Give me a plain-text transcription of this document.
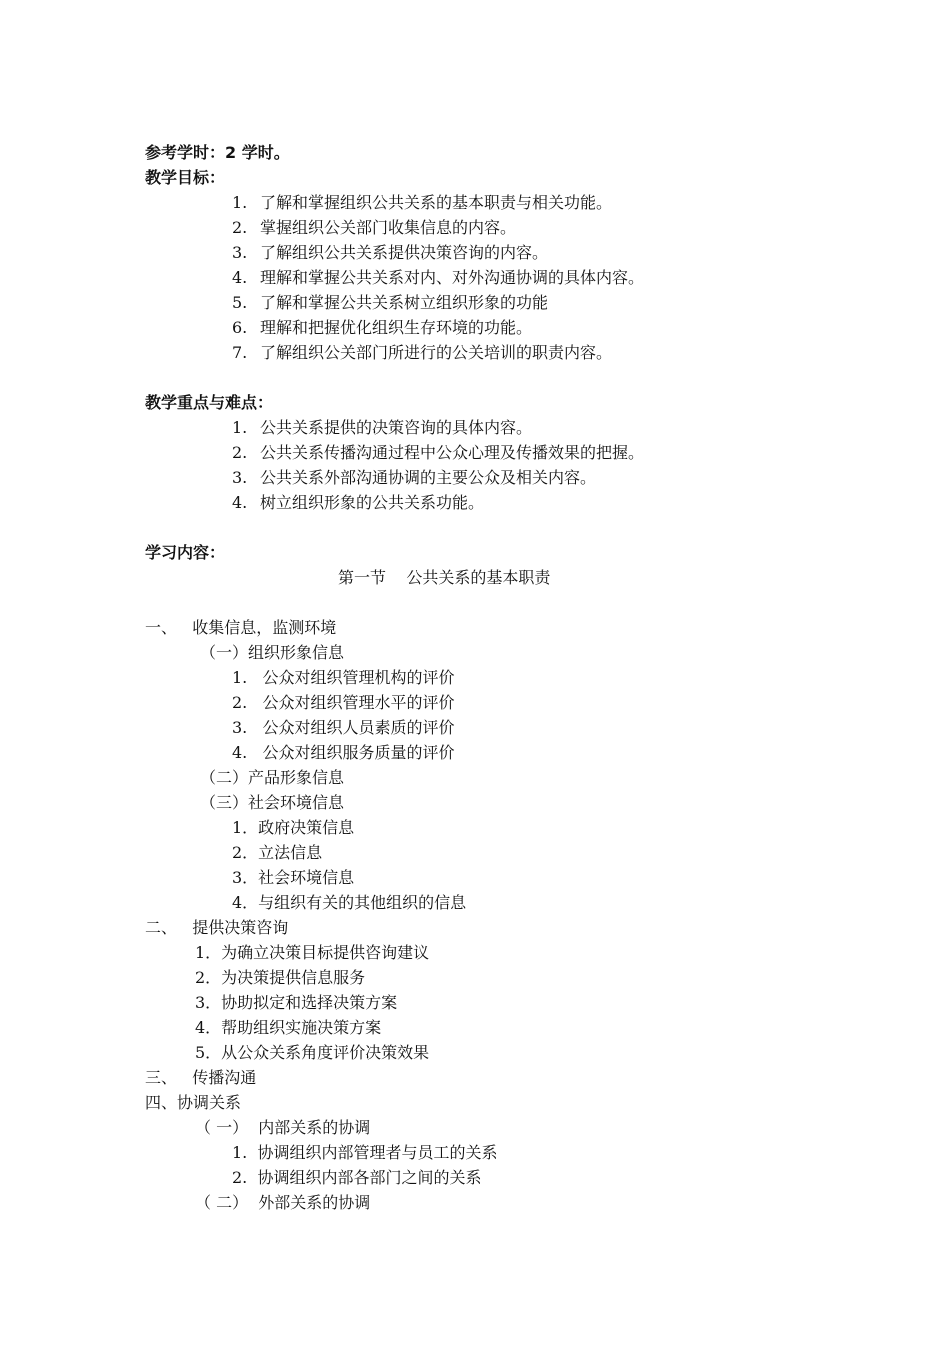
参考学时：2 学时。
教学目标：
1. 了解和掌握组织公共关系的基本职责与相关功能。
2. 掌握组织公关部门收集信息的内容。
3. 了解组织公共关系提供决策咨询的内容。
4. 理解和掌握公共关系对内、对外沟通协调的具体内容。
5. 了解和掌握公共关系树立组织形象的功能
6. 理解和把握优化组织生存环境的功能。
7. 了解组织公关部门所进行的公关培训的职责内容。
教学重点与难点：
1. 公共关系提供的决策咨询的具体内容。
2. 公共关系传播沟通过程中公众心理及传播效果的把握。
3. 公共关系外部沟通协调的主要公众及相关内容。
4. 树立组织形象的公共关系功能。
学习内容：
第一节    公共关系的基本职责
一、   收集信息，监测环境
（一）组织形象信息
1.   公众对组织管理机构的评价
2.   公众对组织管理水平的评价
3.   公众对组织人员素质的评价
4.   公众对组织服务质量的评价
（二）产品形象信息
（三）社会环境信息
1．政府决策信息
2．立法信息
3．社会环境信息
4．与组织有关的其他组织的信息
二、   提供决策咨询
1．为确立决策目标提供咨询建议
2．为决策提供信息服务
3．协助拟定和选择决策方案
4．帮助组织实施决策方案
5．从公众关系角度评价决策效果
三、   传播沟通
四、协调关系
（ 一）  内部关系的协调
1.  协调组织内部管理者与员工的关系
2.  协调组织内部各部门之间的关系
（ 二）  外部关系的协调
